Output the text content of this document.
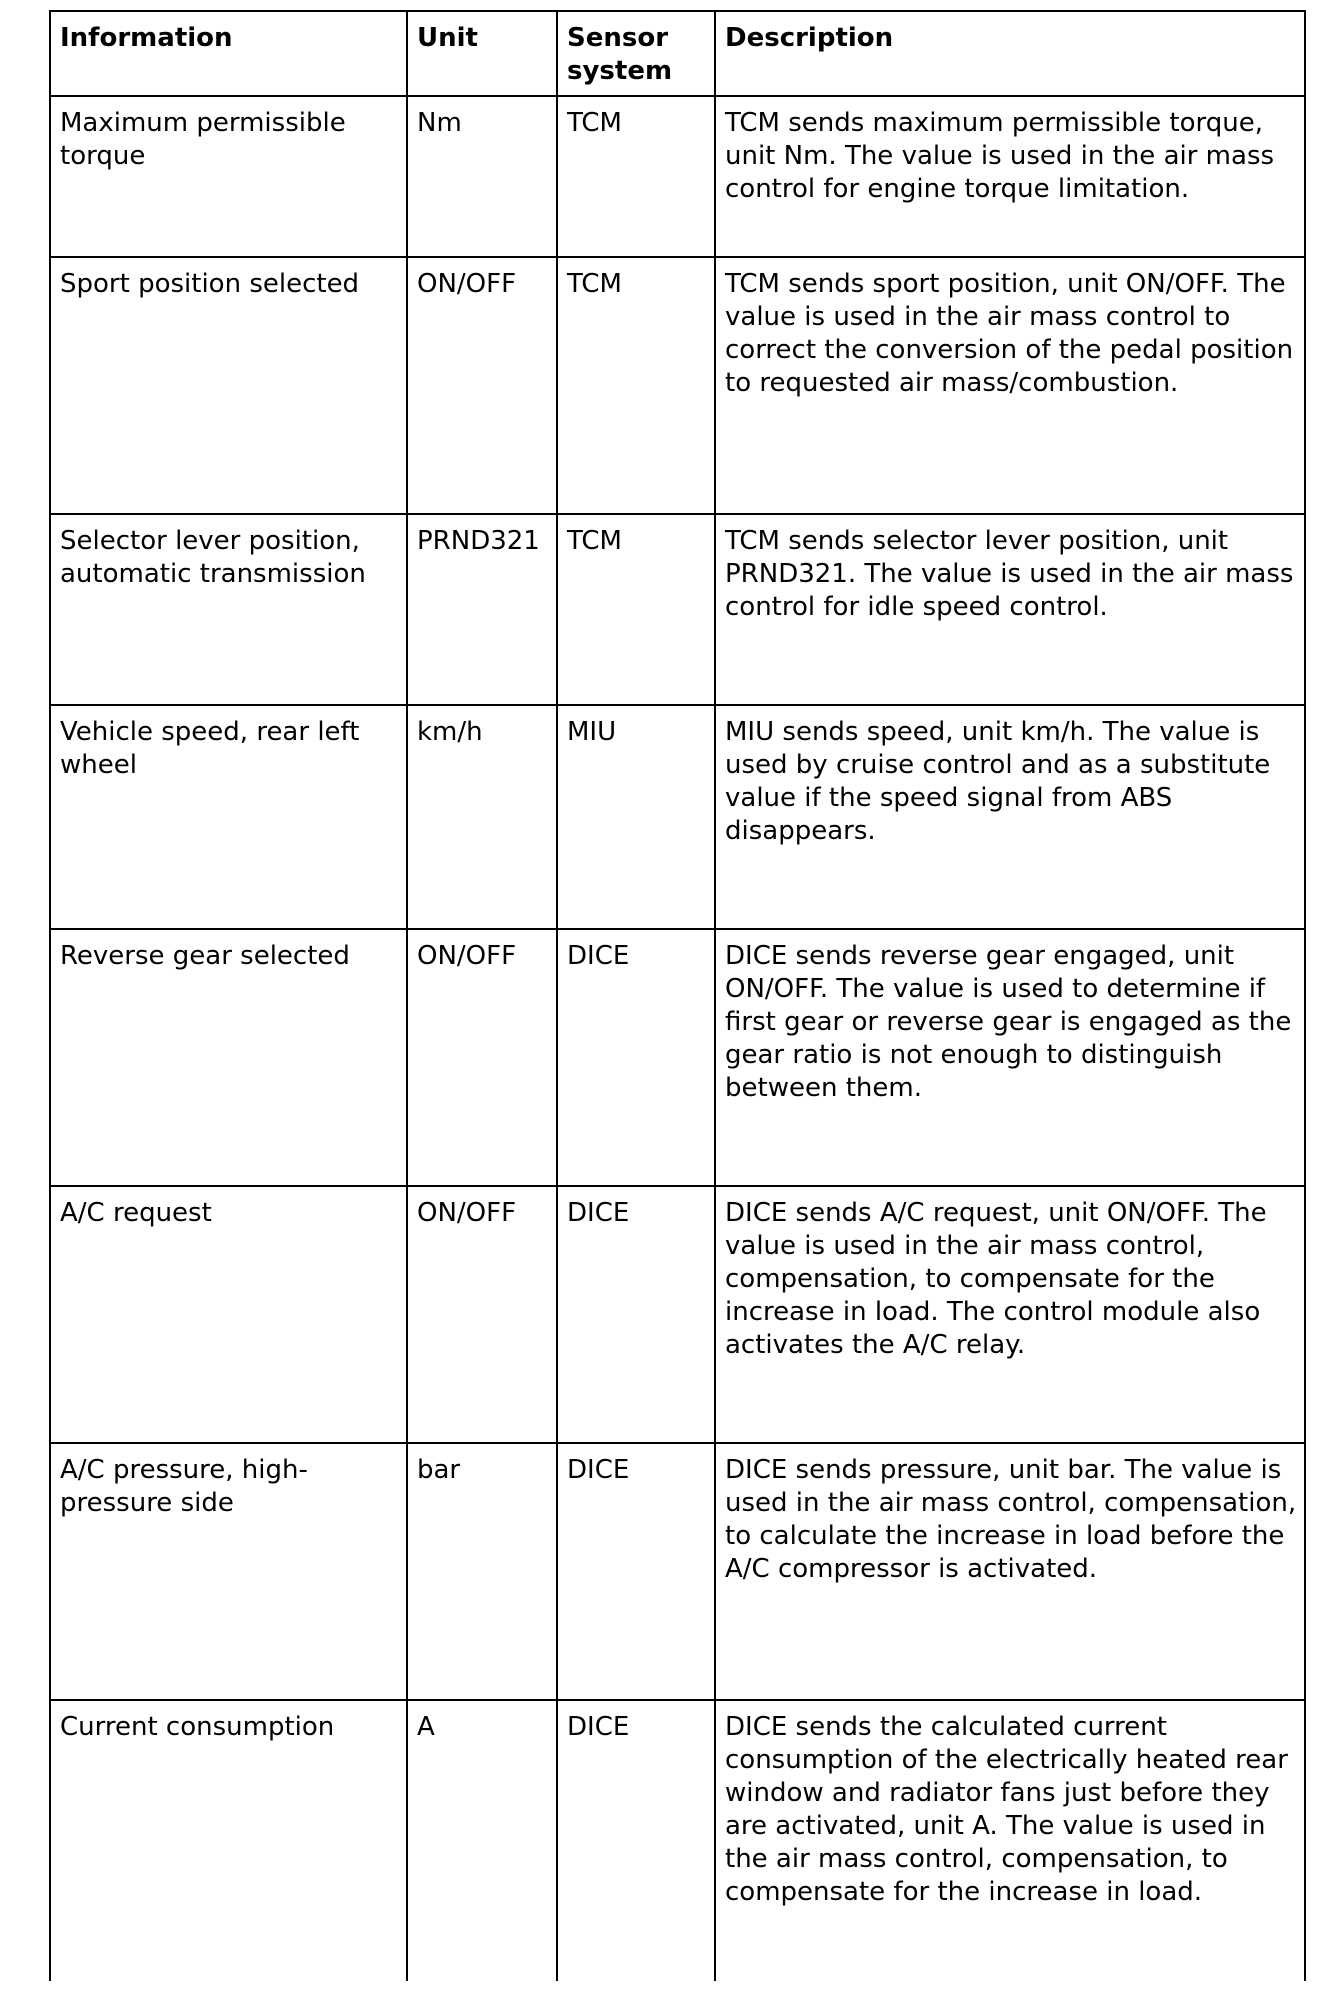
Information	Unit	Sensor system	Description
Maximum permissible torque	Nm	TCM	TCM sends maximum permissible torque, unit Nm. The value is used in the air mass control for engine torque limitation.
Sport position selected	ON/OFF	TCM	TCM sends sport position, unit ON/OFF. The value is used in the air mass control to correct the conversion of the pedal position to requested air mass/combustion.
Selector lever position, automatic transmission	PRND321	TCM	TCM sends selector lever position, unit PRND321. The value is used in the air mass control for idle speed control.
Vehicle speed, rear left wheel	km/h	MIU	MIU sends speed, unit km/h. The value is used by cruise control and as a substitute value if the speed signal from ABS disappears.
Reverse gear selected	ON/OFF	DICE	DICE sends reverse gear engaged, unit ON/OFF. The value is used to determine if first gear or reverse gear is engaged as the gear ratio is not enough to distinguish between them.
A/C request	ON/OFF	DICE	DICE sends A/C request, unit ON/OFF. The value is used in the air mass control, compensation, to compensate for the increase in load. The control module also activates the A/C relay.
A/C pressure, high-pressure side	bar	DICE	DICE sends pressure, unit bar. The value is used in the air mass control, compensation, to calculate the increase in load before the A/C compressor is activated.
Current consumption	A	DICE	DICE sends the calculated current consumption of the electrically heated rear window and radiator fans just before they are activated, unit A. The value is used in the air mass control, compensation, to compensate for the increase in load.
